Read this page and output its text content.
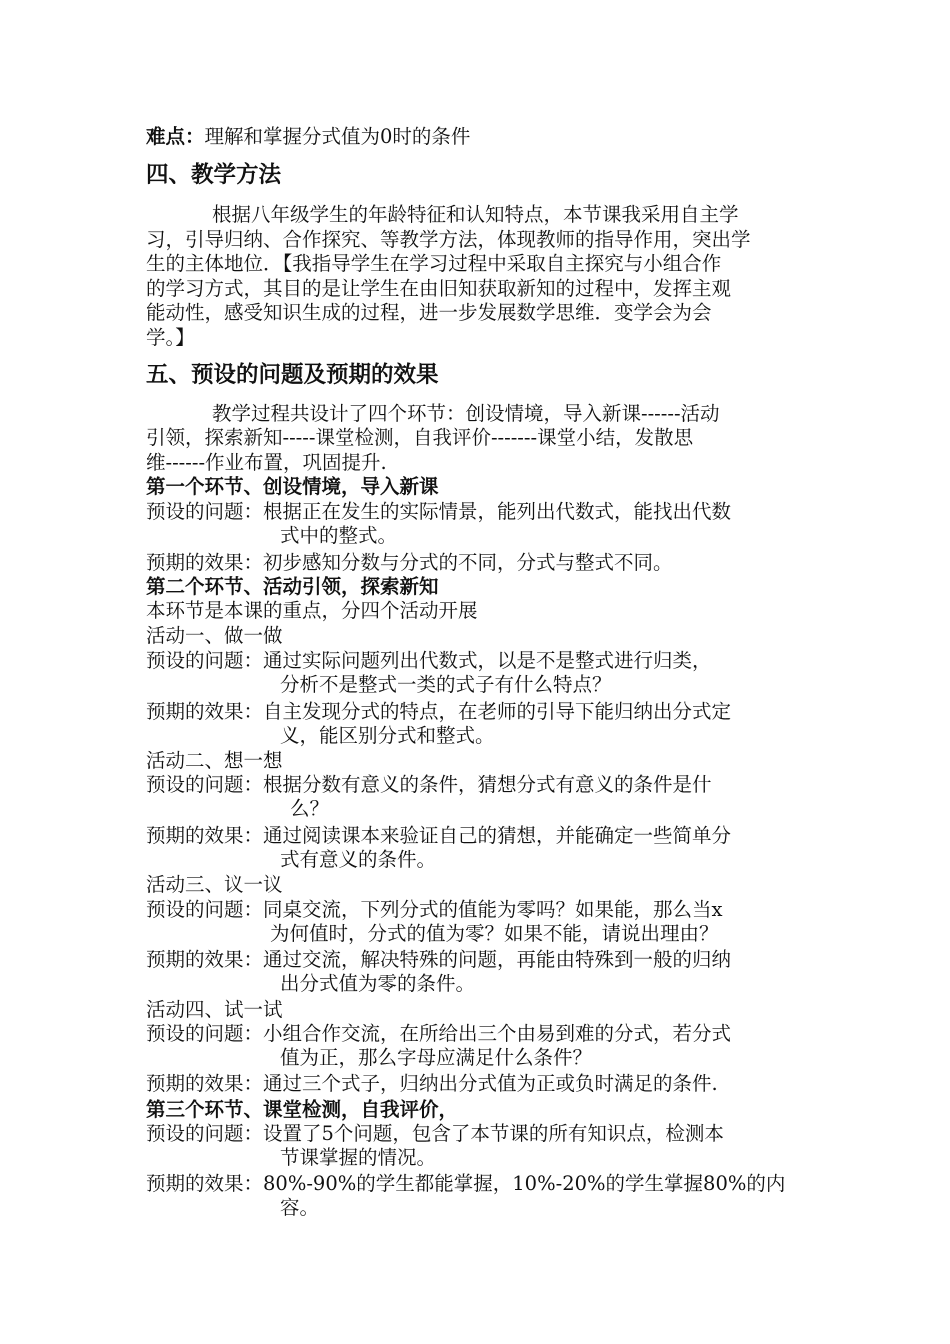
难点：理解和掌握分式值为0时的条件
四、教学方法
根据八年级学生的年龄特征和认知特点，本节课我采用自主学
习，引导归纳、合作探究、等教学方法，体现教师的指导作用，突出学
生的主体地位．【我指导学生在学习过程中采取自主探究与小组合作
的学习方式，其目的是让学生在由旧知获取新知的过程中，发挥主观
能动性，感受知识生成的过程，进一步发展数学思维．变学会为会
学。】
五、预设的问题及预期的效果
教学过程共设计了四个环节：创设情境，导入新课------活动
引领，探索新知-----课堂检测，自我评价-------课堂小结，发散思
维------作业布置，巩固提升.
第一个环节、创设情境，导入新课
预设的问题：根据正在发生的实际情景，能列出代数式，能找出代数
式中的整式。
预期的效果：初步感知分数与分式的不同，分式与整式不同。
第二个环节、活动引领，探索新知
本环节是本课的重点，分四个活动开展
活动一、做一做
预设的问题：通过实际问题列出代数式，以是不是整式进行归类，
分析不是整式一类的式子有什么特点？
预期的效果：自主发现分式的特点，在老师的引导下能归纳出分式定
义，能区别分式和整式。
活动二、想一想
预设的问题：根据分数有意义的条件，猜想分式有意义的条件是什
么？
预期的效果：通过阅读课本来验证自己的猜想，并能确定一些简单分
式有意义的条件。
活动三、议一议
预设的问题：同桌交流，下列分式的值能为零吗？如果能，那么当x
为何值时，分式的值为零？如果不能，请说出理由？
预期的效果：通过交流，解决特殊的问题，再能由特殊到一般的归纳
出分式值为零的条件。
活动四、试一试
预设的问题：小组合作交流，在所给出三个由易到难的分式，若分式
值为正，那么字母应满足什么条件？
预期的效果：通过三个式子，归纳出分式值为正或负时满足的条件.
第三个环节、课堂检测，自我评价，
预设的问题：设置了5个问题，包含了本节课的所有知识点，检测本
节课掌握的情况。
预期的效果：80%-90%的学生都能掌握，10%-20%的学生掌握80%的内
容。
